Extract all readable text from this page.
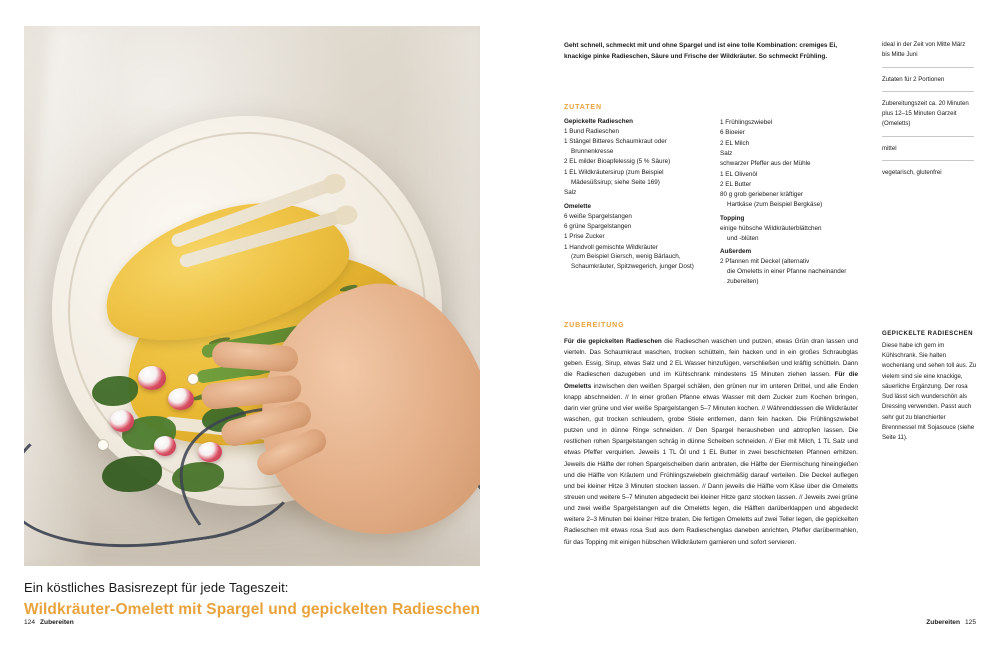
Ein köstliches Basisrezept für jede Tageszeit:
Wildkräuter-Omelett mit Spargel und gepickelten Radieschen
124 Zubereiten
Geht schnell, schmeckt mit und ohne Spargel und ist eine tolle Kombination: cremiges Ei, knackige pinke Radieschen, Säure und Frische der Wildkräuter. So schmeckt Frühling.
ZUTATEN
Gepickelte Radieschen
1 Bund Radieschen
1 Stängel Bitteres Schaumkraut oder
Brunnenkresse
2 EL milder Bioapfelessig (5 % Säure)
1 EL Wildkräutersirup (zum Beispiel
Mädesüßsirup; siehe Seite 169)
Salz
Omelette
6 weiße Spargelstangen
6 grüne Spargelstangen
1 Prise Zucker
1 Handvoll gemischte Wildkräuter
(zum Beispiel Giersch, wenig Bärlauch, Schaumkräuter, Spitzwegerich, junger Dost)
1 Frühlingszwiebel
6 Bioeier
2 EL Milch
Salz
schwarzer Pfeffer aus der Mühle
1 EL Olivenöl
2 EL Butter
80 g grob geriebener kräftiger
Hartkäse (zum Beispiel Bergkäse)
Topping
einige hübsche Wildkräuterblättchen
und -blüten
Außerdem
2 Pfannen mit Deckel (alternativ
die Omeletts in einer Pfanne nacheinander zubereiten)
ZUBEREITUNG
Für die gepickelten Radieschen die Radieschen waschen und putzen, etwas Grün dran lassen und vierteln. Das Schaumkraut waschen, trocken schütteln, fein hacken und in ein großes Schraubglas geben. Essig, Sirup, etwas Salz und 2 EL Wasser hinzufügen, verschließen und kräftig schütteln. Dann die Radieschen dazugeben und im Kühlschrank mindestens 15 Minuten ziehen lassen. Für die Omeletts inzwischen den weißen Spargel schälen, den grünen nur im unteren Drittel, und alle Enden knapp abschneiden. // In einer großen Pfanne etwas Wasser mit dem Zucker zum Kochen bringen, darin vier grüne und vier weiße Spargelstangen 5–7 Minuten kochen. // Währenddessen die Wildkräuter waschen, gut trocken schleudern, grobe Stiele entfernen, dann fein hacken. Die Frühlingszwiebel putzen und in dünne Ringe schneiden. // Den Spargel herausheben und abtropfen lassen. Die restlichen rohen Spargelstangen schräg in dünne Scheiben schneiden. // Eier mit Milch, 1 TL Salz und etwas Pfeffer verquirlen. Jeweils 1 TL Öl und 1 EL Butter in zwei beschichteten Pfannen erhitzen. Jeweils die Hälfte der rohen Spargelscheiben darin anbraten, die Hälfte der Eiermischung hineingießen und die Hälfte von Kräutern und Frühlingszwiebeln gleichmäßig darauf verteilen. Die Deckel auflegen und bei kleiner Hitze 3 Minuten stocken lassen. // Dann jeweils die Hälfte vom Käse über die Omeletts streuen und weitere 5–7 Minuten abgedeckt bei kleiner Hitze ganz stocken lassen. // Jeweils zwei grüne und zwei weiße Spargelstangen auf die Omeletts legen, die Hälften darüberklappen und abgedeckt weitere 2–3 Minuten bei kleiner Hitze braten. Die fertigen Omeletts auf zwei Teller legen, die gepickelten Radieschen mit etwas rosa Sud aus dem Radieschenglas daneben anrichten, Pfeffer darübermahlen, für das Topping mit einigen hübschen Wildkräutern garnieren und sofort servieren.
ideal in der Zeit von Mitte März bis Mitte Juni
Zutaten für 2 Portionen
Zubereitungszeit ca. 20 Minuten plus 12–15 Minuten Garzeit (Omeletts)
mittel
vegetarisch, glutenfrei
GEPICKELTE RADIESCHEN
Diese habe ich gern im Kühlschrank. Sie halten wochenlang und sehen toll aus. Zu vielem sind sie eine knackige, säuerliche Ergänzung. Der rosa Sud lässt sich wunderschön als Dressing verwenden. Passt auch sehr gut zu blanchierter Brennnessel mit Sojasouce (siehe Seite 11).
Zubereiten 125
